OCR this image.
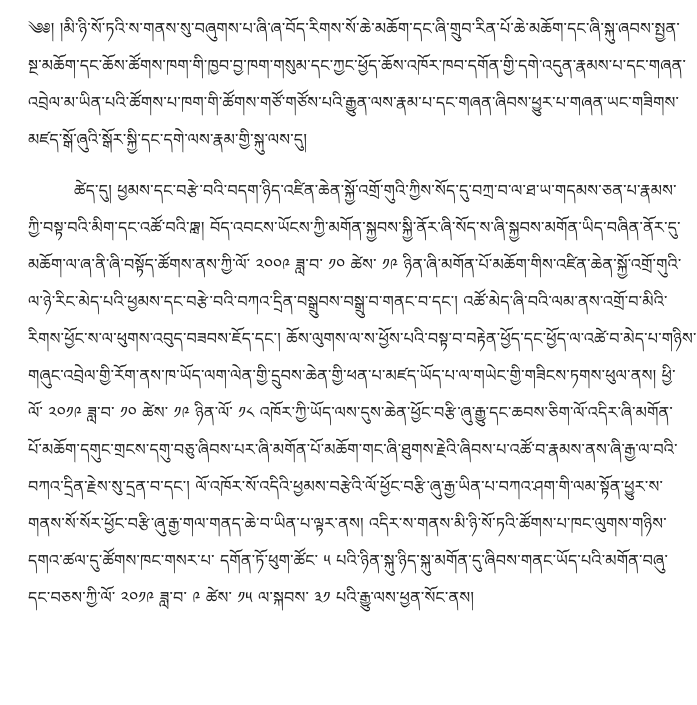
༄༅། །མི་ཉི་སོ་ཏའི་ས་གནས་སུ་བཞུགས་པ་ཞི་ཞ་བོད་རིགས་སོ་ཆེ་མཆོག་དང་ཞི་གྲུབ་རིན་པོ་ཆེ་མཆོག་དང་ཞི་སྐུ་ཞབས་སྤྱན་
སྔ་མཆོག་དང་ཆོས་ཚོགས་ཁག་གི་ཁྱབ་བྱ་ཁག་གསུམ་དང་ཀྱང་ཕྱོད་ཆོས་འཁོར་ཁབ་དགོན་གྱི་དགེ་འདུན་རྣམས་པ་དང་གཞན་
འབྲེལ་མ་ཡིན་པའི་ཚོགས་པ་ཁག་གི་ཚོགས་གཙོ་གཙོས་པའི་རྒྱུན་ལས་རྣམ་པ་དང་གཞན་ཞིབས་ཕྱུར་པ་གཞན་ཡང་གཟིགས་
མཛད་སྒོ་ཞུའི་སྒོར་སྐྱི་དང་དགེ་ལས་རྣམ་གྱི་སྐུ་ལས་དུ།
ཚེད་དུ། ཕྱམས་དང་བརྩེ་བའི་བདག་ཉིད་འཛིན་ཆེན་སྐྱོ་འགྲོ་གུའི་ཀྱིས་སོད་དུ་བཀྲ་བ་ལ་ཐ་ཡ་གདམས་ཅན་པ་རྣམས་
ཀྱི་བསྟ་བའི་མིག་དང་འཚོ་བའི་ཁྲླ། བོད་འབངས་ཡོངས་ཀྱི་མགོན་སྐྱབས་སྐྱི་ནོར་ཞི་སོད་ས་ཞི་སྐྱབས་མགོན་ཡིད་བཞིན་ནོར་དུ་
མཆོག་ལ་ཞ་ནི་ཞི་བསྟོད་ཚོགས་ནས་ཀྱི་ལོ་ ༢༠༠༩ ཟླ་བ་ ༡༠ ཚེས་ ༡༩ ཉིན་ཞི་མགོན་པོ་མཆོག་གིས་འཛིན་ཆེན་སྐྱོ་འགྲོ་གུའི་
ལ་ཉེ་རིང་མེད་པའི་ཕྱམས་དང་བརྩེ་བའི་བཀའ་དྲིན་བསྒྲུབས་བསྒྲུ་བ་གནང་བ་དང་། འཚོ་མེད་ཞི་བའི་ལམ་ནས་འགྲོ་བ་མིའི་
རིགས་ཕྱོང་ས་ལ་ཕུགས་འབུད་བཟབས་ཇོད་དང་། ཆོས་ལུགས་ལ་ས་ཕྱོས་པའི་བསྟ་བ་བརྟེན་ཕྱོད་དང་ཕྱོད་ལ་འཚེ་བ་མེད་པ་གཉིས་
གཞུང་འབྲེལ་གྱི་རོག་ནས་ཁ་ཡོད་ལག་ལེན་གྱི་དྲུབས་ཆེན་གྱི་ཕན་པ་མཛད་ཡོད་པ་ལ་གཡེང་གྱི་གཟིངས་ཏགས་ཕུལ་ནས། ཕྱི་
ལོ་ ༢༠༡༩ ཟླ་བ་ ༡༠ ཚེས་ ༡༩ ཉིན་ལོ་ ༡༨ འཁོར་ཀྱི་ཡོད་ལས་དུས་ཆེན་ཕྱོང་བརྩི་ཞུ་རྒྱུ་དང་ཆབས་ཅིག་ལོ་འདིར་ཞི་མགོན་
པོ་མཆོག་དགུང་གྲངས་དགུ་བཅུ་ཞིབས་པར་ཞི་མགོན་པོ་མཆོག་གང་ཞི་ཐུགས་རྗེའི་ཞིབས་པ་འཚོ་བ་རྣམས་ནས་ཞི་རྒྱ་ལ་བའི་
བཀའ་དྲིན་རྗེས་སུ་དྲན་བ་དང་། ལོ་འཁོར་སོ་འདིའི་ཕྱམས་བརྩེའི་ལོ་ཕྱོང་བརྩི་ཞུ་རྒྱ་ཡིན་པ་བཀའ་ཤག་གི་ལམ་སྟོན་ཕྱུར་ས་
གནས་སོ་སོར་ཕྱོང་བརྩི་ཞུ་རྒྱ་གལ་གནད་ཆེ་བ་ཡིན་པ་ལྟར་ནས། འདིར་ས་གནས་མི་ཉི་སོ་ཏའི་ཚོགས་པ་ཁང་ལུགས་གཉིས་
དགའ་ཚལ་དུ་ཚོགས་ཁང་གསར་པ་ དགོན་ཏོ་ཕུག་ཚོང་ ༥ པའི་ཉིན་སྐུ་ཉིད་སྐུ་མགོན་དུ་ཞིབས་གནང་ཡོད་པའི་མགོན་བཞུ་
དང་བཅས་ཀྱི་ལོ་ ༢༠༡༩ ཟླ་བ་ ༩ ཚེས་ ༡༥ ལ་སྐབས་ ༣༡ པའི་རྒྱུ་ལས་ཕྱན་སོང་ནས།
